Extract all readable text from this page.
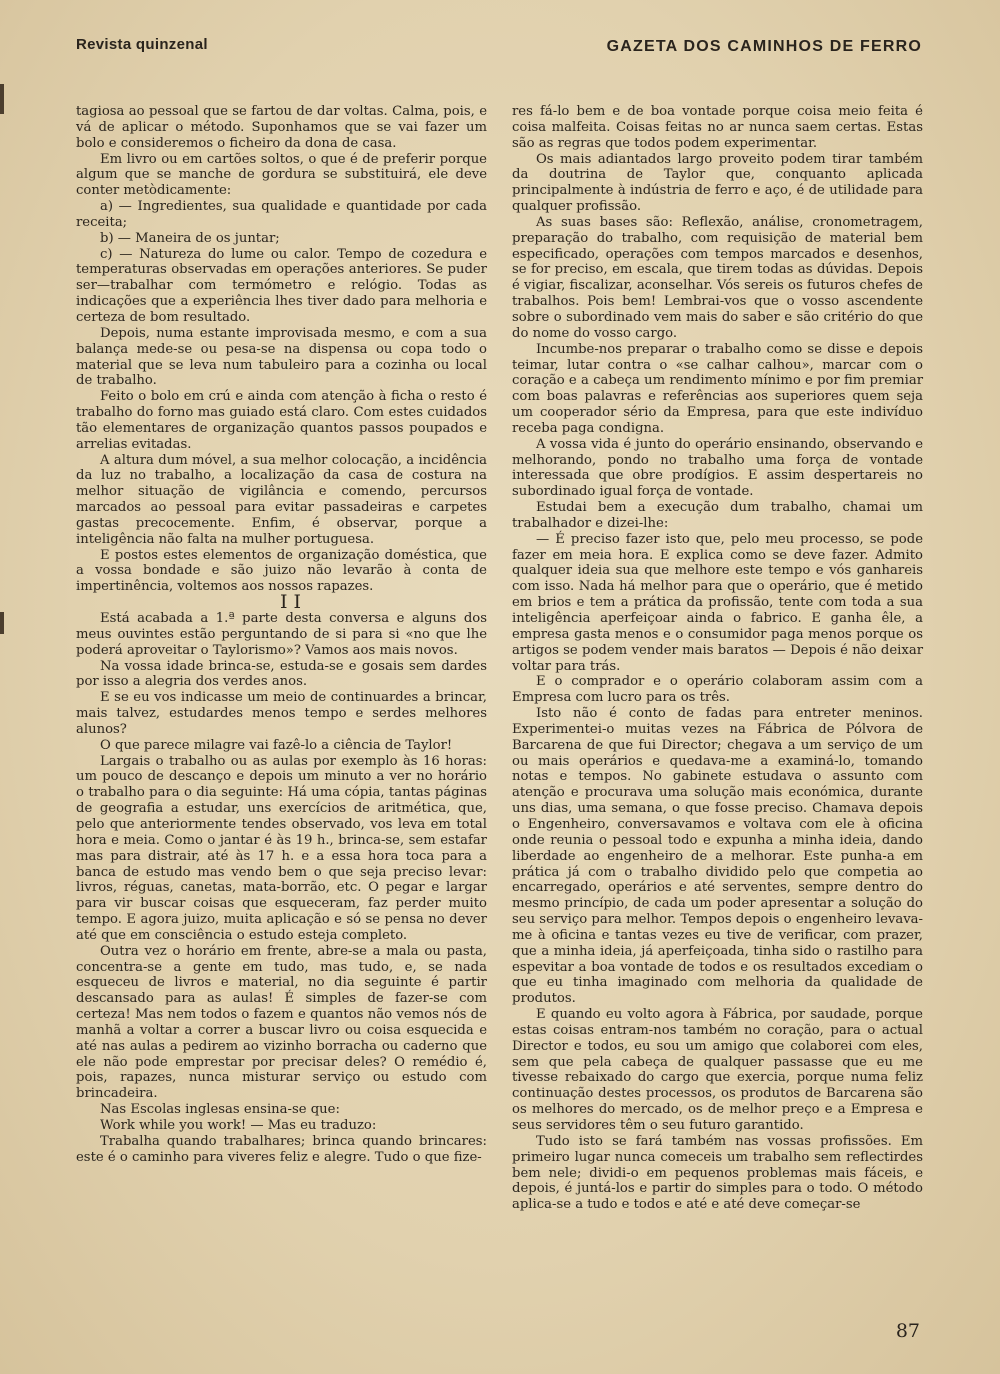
Revista quinzenal	GAZETA DOS CAMINHOS DE FERRO

tagiosa ao pessoal que se fartou de dar voltas. Calma, pois, e vá de aplicar o método. Suponhamos que se vai fazer um bolo e consideremos o ficheiro da dona de casa.

Em livro ou em cartões soltos, o que é de preferir porque algum que se manche de gordura se substituirá, ele deve conter metòdicamente:

a) — Ingredientes, sua qualidade e quantidade por cada receita;

b) — Maneira de os juntar;

c) — Natureza do lume ou calor. Tempo de cozedura e temperaturas observadas em operações anteriores. Se puder ser—trabalhar com termómetro e relógio. Todas as indicações que a experiência lhes tiver dado para melhoria e certeza de bom resultado.

Depois, numa estante improvisada mesmo, e com a sua balança mede-se ou pesa-se na dispensa ou copa todo o material que se leva num tabuleiro para a cozinha ou local de trabalho.

Feito o bolo em crú e ainda com atenção à ficha o resto é trabalho do forno mas guiado está claro. Com estes cuidados tão elementares de organização quantos passos poupados e arrelias evitadas.

A altura dum móvel, a sua melhor colocação, a incidência da luz no trabalho, a localização da casa de costura na melhor situação de vigilância e comendo, percursos marcados ao pessoal para evitar passadeiras e carpetes gastas precocemente. Enfim, é observar, porque a inteligência não falta na mulher portuguesa.

E postos estes elementos de organização doméstica, que a vossa bondade e são juizo não levarão à conta de impertinência, voltemos aos nossos rapazes.

II

Está acabada a 1.ª parte desta conversa e alguns dos meus ouvintes estão perguntando de si para si «no que lhe poderá aproveitar o Taylorismo»? Vamos aos mais novos.

Na vossa idade brinca-se, estuda-se e gosais sem dardes por isso a alegria dos verdes anos.

E se eu vos indicasse um meio de continuardes a brincar, mais talvez, estudardes menos tempo e serdes melhores alunos?

O que parece milagre vai fazê-lo a ciência de Taylor!

Largais o trabalho ou as aulas por exemplo às 16 horas: um pouco de descanço e depois um minuto a ver no horário o trabalho para o dia seguinte: Há uma cópia, tantas páginas de geografia a estudar, uns exercícios de aritmética, que, pelo que anteriormente tendes observado, vos leva em total hora e meia. Como o jantar é às 19 h., brinca-se, sem estafar mas para distrair, até às 17 h. e a essa hora toca para a banca de estudo mas vendo bem o que seja preciso levar: livros, réguas, canetas, mata-borrão, etc. O pegar e largar para vir buscar coisas que esqueceram, faz perder muito tempo. E agora juizo, muita aplicação e só se pensa no dever até que em consciência o estudo esteja completo.

Outra vez o horário em frente, abre-se a mala ou pasta, concentra-se a gente em tudo, mas tudo, e, se nada esqueceu de livros e material, no dia seguinte é partir descansado para as aulas! É simples de fazer-se com certeza! Mas nem todos o fazem e quantos não vemos nós de manhã a voltar a correr a buscar livro ou coisa esquecida e até nas aulas a pedirem ao vizinho borracha ou caderno que ele não pode emprestar por precisar deles? O remédio é, pois, rapazes, nunca misturar serviço ou estudo com brincadeira.

Nas Escolas inglesas ensina-se que:

Work while you work! — Mas eu traduzo:

Trabalha quando trabalhares; brinca quando brincares: este é o caminho para viveres feliz e alegre. Tudo o que fize-

res fá-lo bem e de boa vontade porque coisa meio feita é coisa malfeita. Coisas feitas no ar nunca saem certas. Estas são as regras que todos podem experimentar.

Os mais adiantados largo proveito podem tirar também da doutrina de Taylor que, conquanto aplicada principalmente à indústria de ferro e aço, é de utilidade para qualquer profissão.

As suas bases são: Reflexão, análise, cronometragem, preparação do trabalho, com requisição de material bem especificado, operações com tempos marcados e desenhos, se for preciso, em escala, que tirem todas as dúvidas. Depois é vigiar, fiscalizar, aconselhar. Vós sereis os futuros chefes de trabalhos. Pois bem! Lembrai-vos que o vosso ascendente sobre o subordinado vem mais do saber e são critério do que do nome do vosso cargo.

Incumbe-nos preparar o trabalho como se disse e depois teimar, lutar contra o «se calhar calhou», marcar com o coração e a cabeça um rendimento mínimo e por fim premiar com boas palavras e referências aos superiores quem seja um cooperador sério da Empresa, para que este indivíduo receba paga condigna.

A vossa vida é junto do operário ensinando, observando e melhorando, pondo no trabalho uma força de vontade interessada que obre prodígios. E assim despertareis no subordinado igual força de vontade.

Estudai bem a execução dum trabalho, chamai um trabalhador e dizei-lhe:

— É preciso fazer isto que, pelo meu processo, se pode fazer em meia hora. E explica como se deve fazer. Admito qualquer ideia sua que melhore este tempo e vós ganhareis com isso. Nada há melhor para que o operário, que é metido em brios e tem a prática da profissão, tente com toda a sua inteligência aperfeiçoar ainda o fabrico. E ganha êle, a empresa gasta menos e o consumidor paga menos porque os artigos se podem vender mais baratos — Depois é não deixar voltar para trás.

E o comprador e o operário colaboram assim com a Empresa com lucro para os três.

Isto não é conto de fadas para entreter meninos. Experimentei-o muitas vezes na Fábrica de Pólvora de Barcarena de que fui Director; chegava a um serviço de um ou mais operários e quedava-me a examiná-lo, tomando notas e tempos. No gabinete estudava o assunto com atenção e procurava uma solução mais económica, durante uns dias, uma semana, o que fosse preciso. Chamava depois o Engenheiro, conversavamos e voltava com ele à oficina onde reunia o pessoal todo e expunha a minha ideia, dando liberdade ao engenheiro de a melhorar. Este punha-a em prática já com o trabalho dividido pelo que competia ao encarregado, operários e até serventes, sempre dentro do mesmo princípio, de cada um poder apresentar a solução do seu serviço para melhor. Tempos depois o engenheiro levava-me à oficina e tantas vezes eu tive de verificar, com prazer, que a minha ideia, já aperfeiçoada, tinha sido o rastilho para espevitar a boa vontade de todos e os resultados excediam o que eu tinha imaginado com melhoria da qualidade de produtos.

E quando eu volto agora à Fábrica, por saudade, porque estas coisas entram-nos também no coração, para o actual Director e todos, eu sou um amigo que colaborei com eles, sem que pela cabeça de qualquer passasse que eu me tivesse rebaixado do cargo que exercia, porque numa feliz continuação destes processos, os produtos de Barcarena são os melhores do mercado, os de melhor preço e a Empresa e seus servidores têm o seu futuro garantido.

Tudo isto se fará também nas vossas profissões. Em primeiro lugar nunca comeceis um trabalho sem reflectirdes bem nele; dividi-o em pequenos problemas mais fáceis, e depois, é juntá-los e partir do simples para o todo. O método aplica-se a tudo e todos e até e até deve começar-se

87
